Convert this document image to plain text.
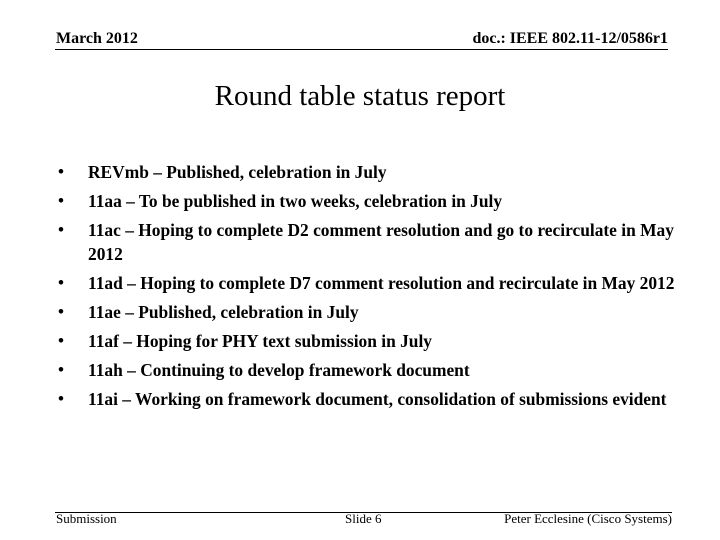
March 2012	doc.: IEEE 802.11-12/0586r1
Round table status report
• REVmb – Published, celebration in July
• 11aa – To be published in two weeks, celebration in July
• 11ac – Hoping to complete D2 comment resolution and go to recirculate in May 2012
• 11ad – Hoping to complete D7 comment resolution and recirculate in May 2012
• 11ae – Published, celebration in July
• 11af – Hoping for PHY text submission in July
• 11ah – Continuing to develop framework document
• 11ai – Working on framework document, consolidation of submissions evident
Submission	Slide 6	Peter Ecclesine (Cisco Systems)
